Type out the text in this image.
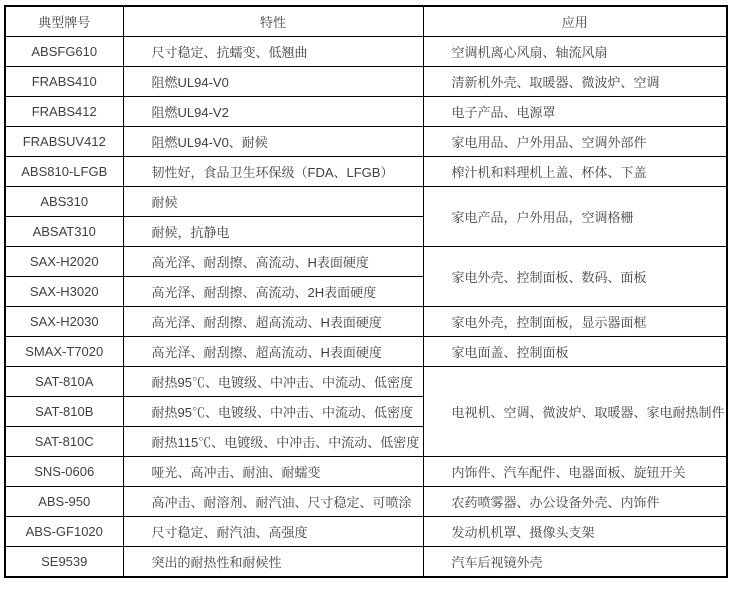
典型牌号	特性	应用
ABSFG610	尺寸稳定、抗蠕变、低翘曲	空调机离心风扇、轴流风扇
FRABS410	阻燃UL94-V0	清新机外壳、取暖器、微波炉、空调
FRABS412	阻燃UL94-V2	电子产品、电源罩
FRABSUV412	阻燃UL94-V0、耐候	家电用品、户外用品、空调外部件
ABS810-LFGB	韧性好，食品卫生环保级（FDA、LFGB）	榨汁机和料理机上盖、杯体、下盖
ABS310	耐候	家电产品，户外用品，空调格栅
ABSAT310	耐候，抗静电	
SAX-H2020	高光泽、耐刮擦、高流动、H表面硬度	家电外壳、控制面板、数码、面板
SAX-H3020	高光泽、耐刮擦、高流动、2H表面硬度	
SAX-H2030	高光泽、耐刮擦、超高流动、H表面硬度	家电外壳，控制面板，显示器面框
SMAX-T7020	高光泽、耐刮擦、超高流动、H表面硬度	家电面盖、控制面板
SAT-810A	耐热95℃、电镀级、中冲击、中流动、低密度	电视机、空调、微波炉、取暖器、家电耐热制件
SAT-810B	耐热95℃、电镀级、中冲击、中流动、低密度	
SAT-810C	耐热115℃、电镀级、中冲击、中流动、低密度	
SNS-0606	哑光、高冲击、耐油、耐蠕变	内饰件、汽车配件、电器面板、旋钮开关
ABS-950	高冲击、耐溶剂、耐汽油、尺寸稳定、可喷涂	农药喷雾器、办公设备外壳、内饰件
ABS-GF1020	尺寸稳定、耐汽油、高强度	发动机机罩、摄像头支架
SE9539	突出的耐热性和耐候性	汽车后视镜外壳
